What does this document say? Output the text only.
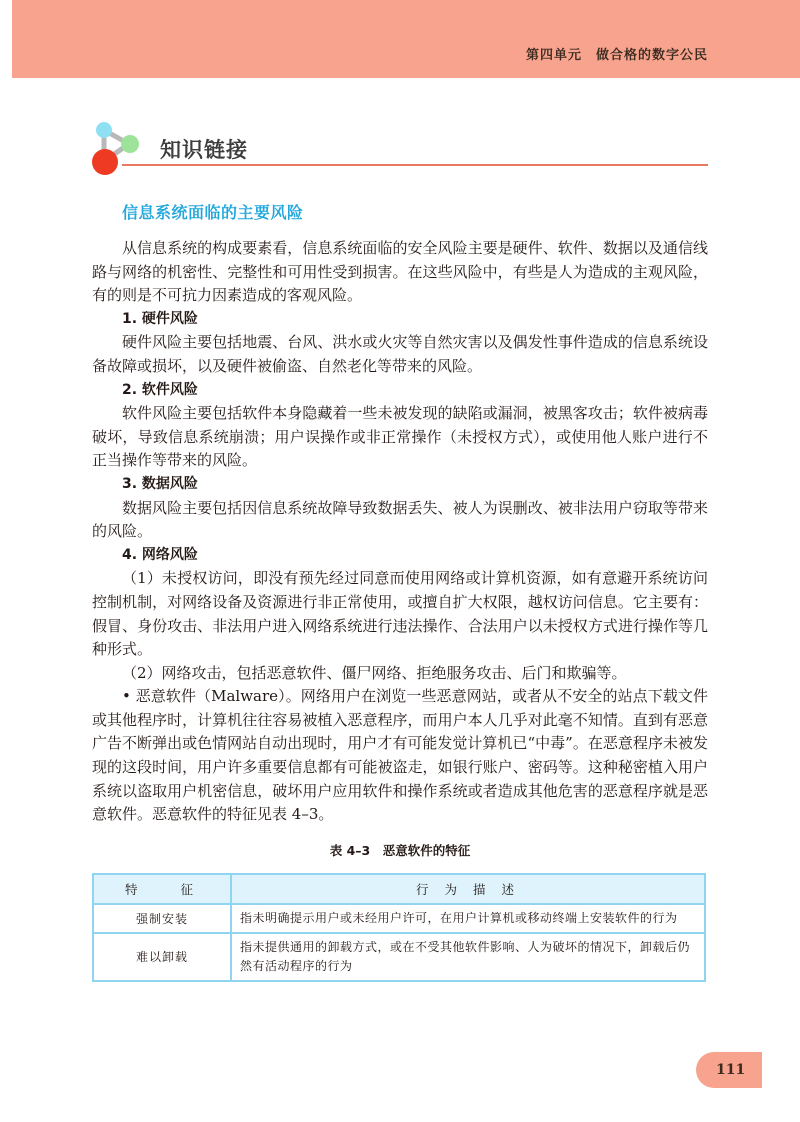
第四单元　做合格的数字公民
知识链接
信息系统面临的主要风险

从信息系统的构成要素看，信息系统面临的安全风险主要是硬件、软件、数据以及通信线路与网络的机密性、完整性和可用性受到损害。在这些风险中，有些是人为造成的主观风险，有的则是不可抗力因素造成的客观风险。

1. 硬件风险

硬件风险主要包括地震、台风、洪水或火灾等自然灾害以及偶发性事件造成的信息系统设备故障或损坏，以及硬件被偷盗、自然老化等带来的风险。

2. 软件风险

软件风险主要包括软件本身隐藏着一些未被发现的缺陷或漏洞，被黑客攻击；软件被病毒破坏，导致信息系统崩溃；用户误操作或非正常操作（未授权方式），或使用他人账户进行不正当操作等带来的风险。

3. 数据风险

数据风险主要包括因信息系统故障导致数据丢失、被人为误删改、被非法用户窃取等带来的风险。

4. 网络风险

（1）未授权访问，即没有预先经过同意而使用网络或计算机资源，如有意避开系统访问控制机制，对网络设备及资源进行非正常使用，或擅自扩大权限，越权访问信息。它主要有：假冒、身份攻击、非法用户进入网络系统进行违法操作、合法用户以未授权方式进行操作等几种形式。

（2）网络攻击，包括恶意软件、僵尸网络、拒绝服务攻击、后门和欺骗等。

• 恶意软件（Malware）。网络用户在浏览一些恶意网站，或者从不安全的站点下载文件或其他程序时，计算机往往容易被植入恶意程序，而用户本人几乎对此毫不知情。直到有恶意广告不断弹出或色情网站自动出现时，用户才有可能发觉计算机已“中毒”。在恶意程序未被发现的这段时间，用户许多重要信息都有可能被盗走，如银行账户、密码等。这种秘密植入用户系统以盗取用户机密信息，破坏用户应用软件和操作系统或者造成其他危害的恶意程序就是恶意软件。恶意软件的特征见表 4–3。

表 4–3　恶意软件的特征
特　　征	行 为 描 述
强制安装	指未明确提示用户或未经用户许可，在用户计算机或移动终端上安装软件的行为
难以卸载	指未提供通用的卸载方式，或在不受其他软件影响、人为破坏的情况下，卸载后仍然有活动程序的行为
111
